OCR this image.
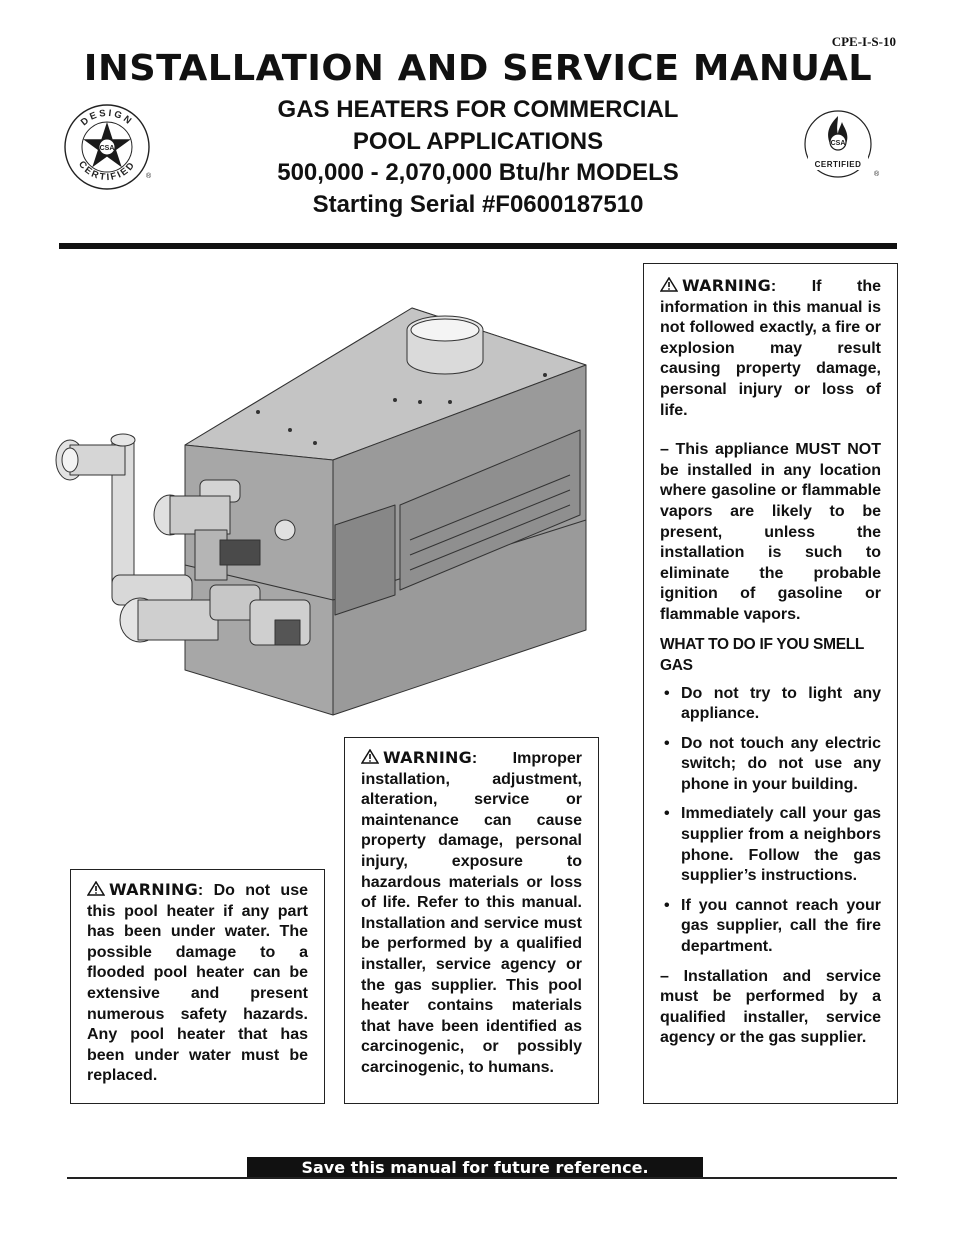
CPE-I-S-10
INSTALLATION AND SERVICE MANUAL
GAS HEATERS FOR COMMERCIAL
POOL APPLICATIONS
500,000 - 2,070,000 Btu/hr MODELS
Starting Serial #F0600187510
DESIGN
CERTIFIED
CSA
®
CSA
CERTIFIED
®

WARNING: If the information in this manual is not followed exactly, a fire or explosion may result causing property damage, personal injury or loss of life.

– This appliance MUST NOT be installed in any location where gasoline or flammable vapors are likely to be present, unless the installation is such to eliminate the probable ignition of gasoline or flammable vapors.

WHAT TO DO IF YOU SMELL GAS

• Do not try to light any appliance.
• Do not touch any electric switch; do not use any phone in your building.
• Immediately call your gas supplier from a neighbors phone. Follow the gas supplier’s instructions.
• If you cannot reach your gas supplier, call the fire department.

– Installation and service must be performed by a qualified installer, service agency or the gas supplier.

WARNING: Improper installation, adjustment, alteration, service or maintenance can cause property damage, personal injury, exposure to hazardous materials or loss of life. Refer to this manual. Installation and service must be performed by a qualified installer, service agency or the gas supplier. This pool heater contains materials that have been identified as carcinogenic, or possibly carcinogenic, to humans.

WARNING: Do not use this pool heater if any part has been under water. The possible damage to a flooded pool heater can be extensive and present numerous safety hazards. Any pool heater that has been under water must be replaced.

Save this manual for future reference.
